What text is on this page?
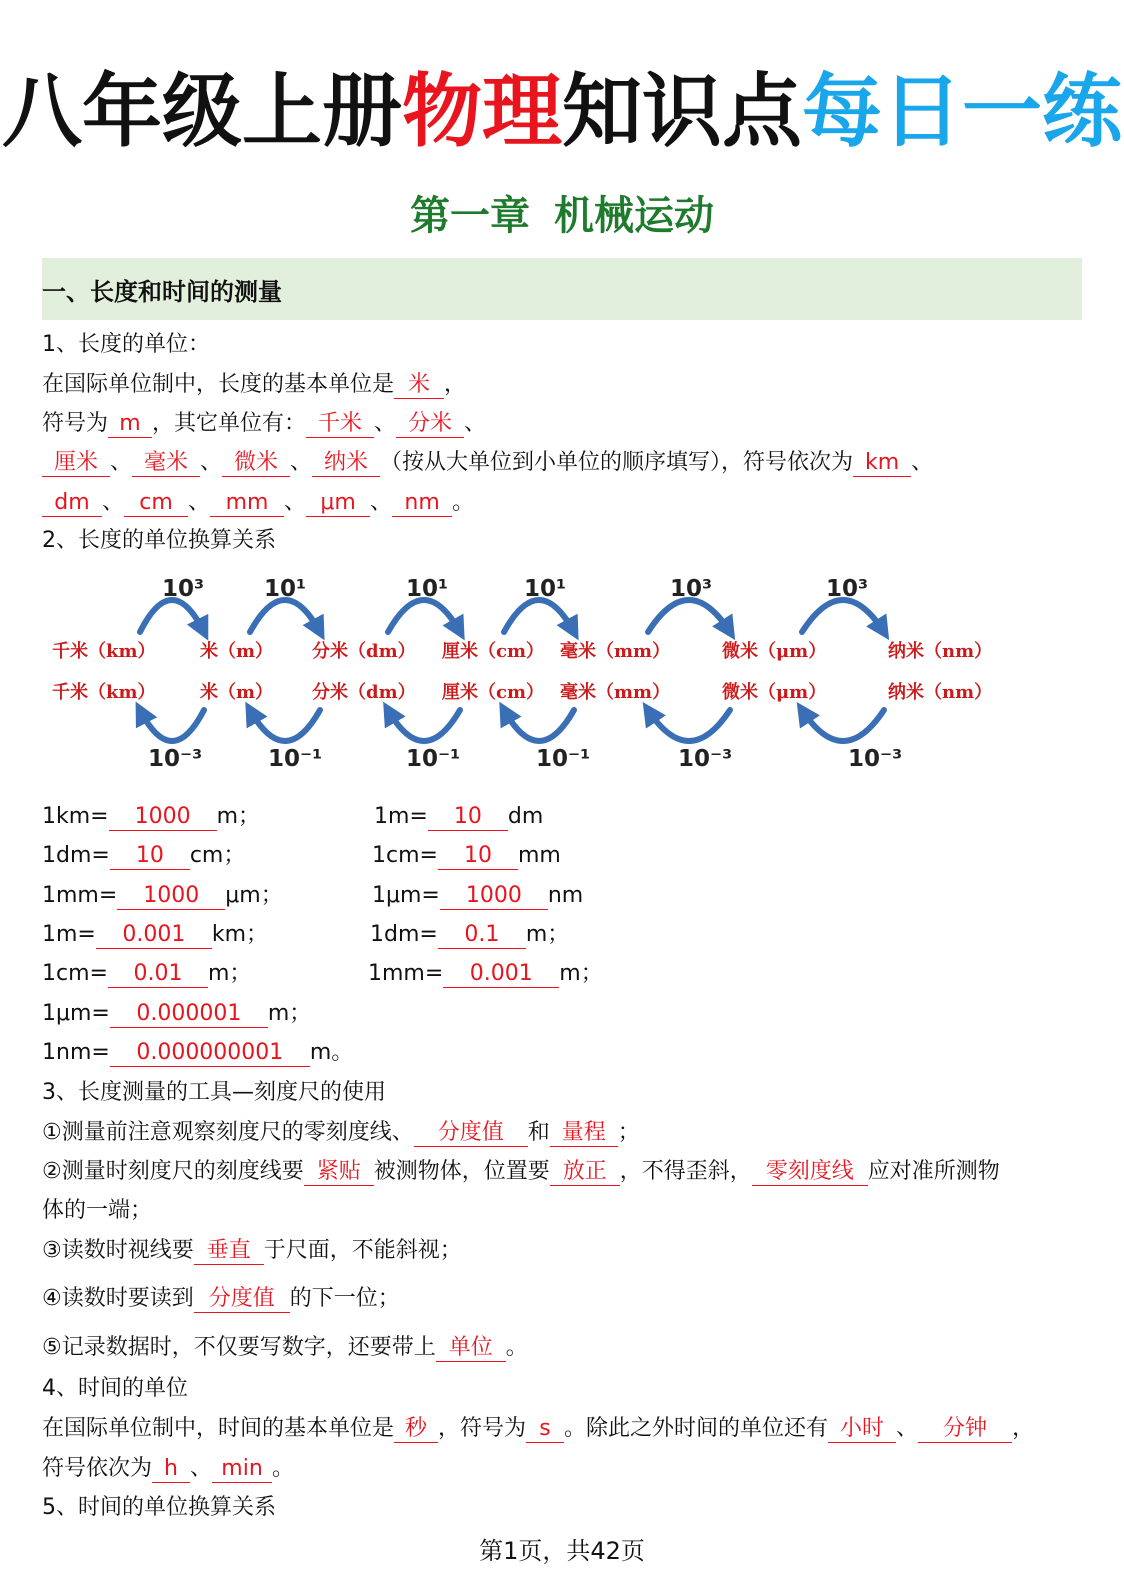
八年级上册物理知识点每日一练
第一章 机械运动
一、长度和时间的测量
1、长度的单位：
在国际单位制中，长度的基本单位是 米 ，
符号为 m ，其它单位有： 千米 、 分米 、
厘米 、 毫米 、 微米 、 纳米 （按从大单位到小单位的顺序填写），符号依次为 km 、
dm 、 cm 、 mm 、 μm 、 nm 。
2、长度的单位换算关系
千米（km）
千米（km）
米（m）
米（m）
分米（dm）
分米（dm）
厘米（cm）
厘米（cm）
毫米（mm）
毫米（mm）
微米（μm）
微米（μm）
纳米（nm）
纳米（nm）
10³
10⁻³
10¹
10⁻¹
10¹
10⁻¹
10¹
10⁻¹
10³
10⁻³
10³
10⁻³
1km= 1000 m；	1m= 10 dm
1dm= 10 cm；	1cm= 10 mm
1mm= 1000 μm；	1μm= 1000 nm
1m= 0.001 km；	1dm= 0.1 m；
1cm= 0.01 m；	1mm= 0.001 m；
1μm= 0.000001 m；
1nm= 0.000000001 m。
3、长度测量的工具—刻度尺的使用
①测量前注意观察刻度尺的零刻度线、 分度值 和 量程 ；
②测量时刻度尺的刻度线要 紧贴 被测物体，位置要 放正 ，不得歪斜， 零刻度线 应对准所测物
体的一端；
③读数时视线要 垂直 于尺面，不能斜视；
④读数时要读到 分度值 的下一位；
⑤记录数据时，不仅要写数字，还要带上 单位 。
4、时间的单位
在国际单位制中，时间的基本单位是 秒 ，符号为 s 。除此之外时间的单位还有 小时 、 分钟 ，
符号依次为 h 、 min 。
5、时间的单位换算关系
第1页，共42页
